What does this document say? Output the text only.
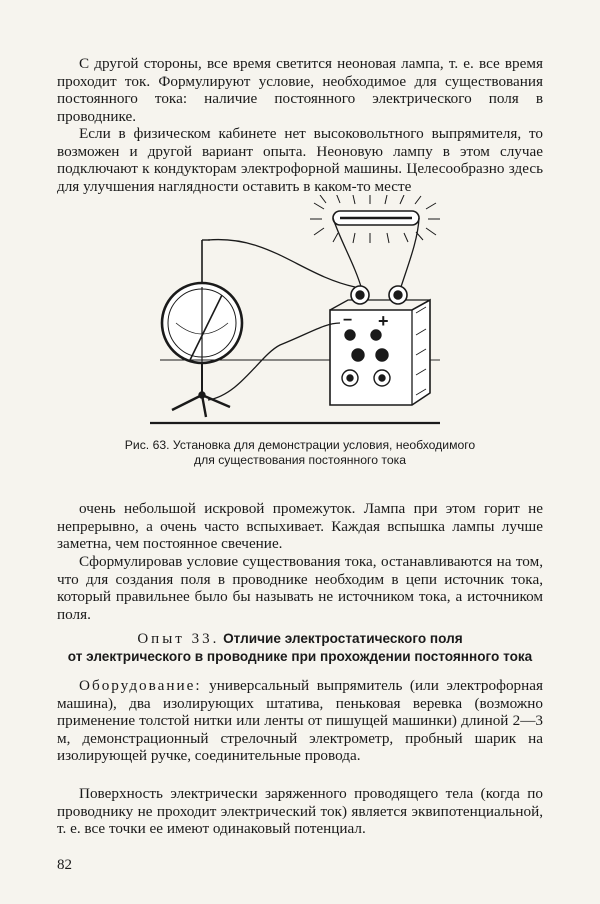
С другой стороны, все время светится неоновая лампа, т. е. все время проходит ток. Формулируют условие, необходимое для существования постоянного тока: наличие постоянного электрического поля в проводнике.

Если в физическом кабинете нет высоковольтного выпрямителя, то возможен и другой вариант опыта. Неоновую лампу в этом случае подключают к кондукторам электрофорной машины. Целесообразно здесь для улучшения наглядности оставить в каком-то месте

− +
Рис. 63. Установка для демонстрации условия, необходимого для существования постоянного тока

очень небольшой искровой промежуток. Лампа при этом горит не непрерывно, а очень часто вспыхивает. Каждая вспышка лампы лучше заметна, чем постоянное свечение.

Сформулировав условие существования тока, останавливаются на том, что для создания поля в проводнике необходим в цепи источник тока, который правильнее было бы называть не источником тока, а источником поля.

Опыт 33. Отличие электростатического поля
от электрического в проводнике при прохождении постоянного тока

Оборудование: универсальный выпрямитель (или электрофорная машина), два изолирующих штатива, пеньковая веревка (возможно применение толстой нитки или ленты от пишущей машинки) длиной 2—3 м, демонстрационный стрелочный электрометр, пробный шарик на изолирующей ручке, соединительные провода.

Поверхность электрически заряженного проводящего тела (когда по проводнику не проходит электрический ток) является эквипотенциальной, т. е. все точки ее имеют одинаковый потенциал.

82
